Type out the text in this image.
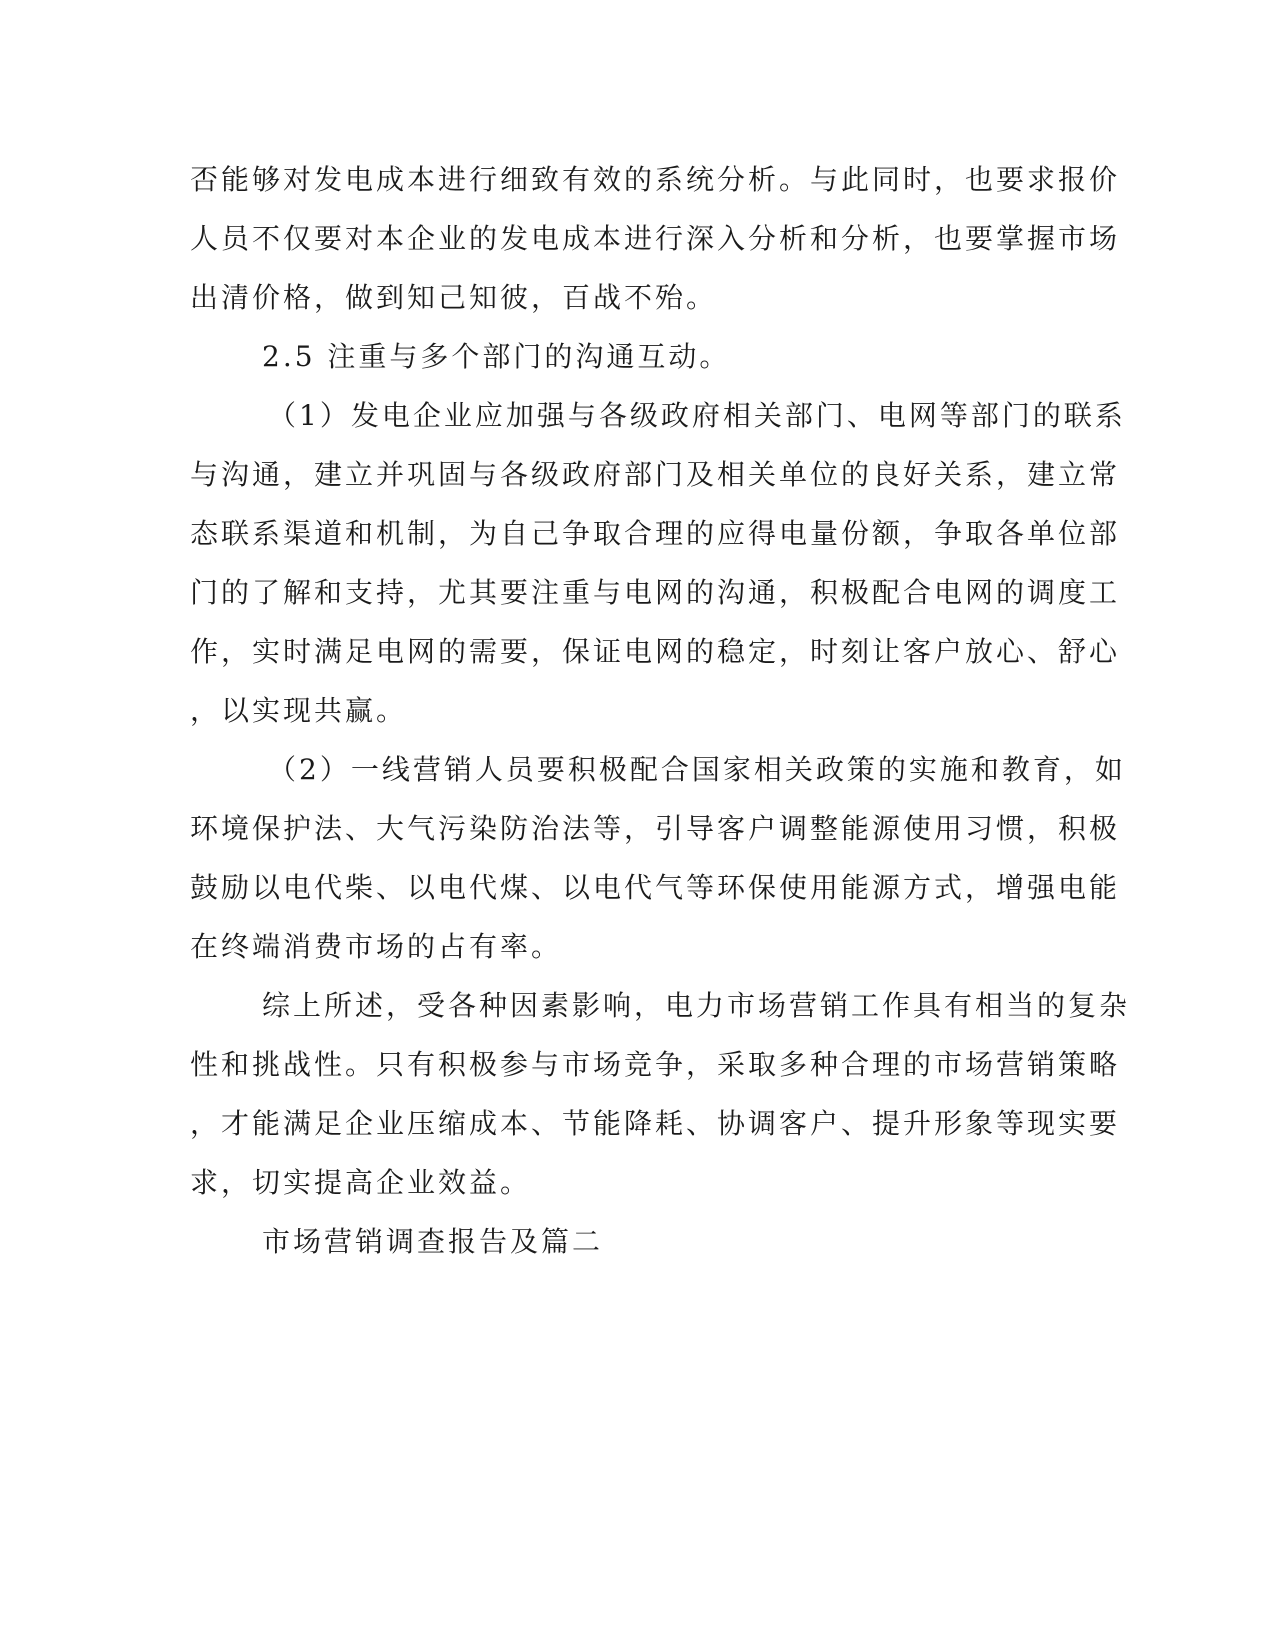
否能够对发电成本进行细致有效的系统分析。与此同时，也要求报价
人员不仅要对本企业的发电成本进行深入分析和分析，也要掌握市场
出清价格，做到知己知彼，百战不殆。
2.5 注重与多个部门的沟通互动。
（1）发电企业应加强与各级政府相关部门、电网等部门的联系
与沟通，建立并巩固与各级政府部门及相关单位的良好关系，建立常
态联系渠道和机制，为自己争取合理的应得电量份额，争取各单位部
门的了解和支持，尤其要注重与电网的沟通，积极配合电网的调度工
作，实时满足电网的需要，保证电网的稳定，时刻让客户放心、舒心
，以实现共赢。
（2）一线营销人员要积极配合国家相关政策的实施和教育，如
环境保护法、大气污染防治法等，引导客户调整能源使用习惯，积极
鼓励以电代柴、以电代煤、以电代气等环保使用能源方式，增强电能
在终端消费市场的占有率。
综上所述，受各种因素影响，电力市场营销工作具有相当的复杂
性和挑战性。只有积极参与市场竞争，采取多种合理的市场营销策略
，才能满足企业压缩成本、节能降耗、协调客户、提升形象等现实要
求，切实提高企业效益。
市场营销调查报告及篇二
